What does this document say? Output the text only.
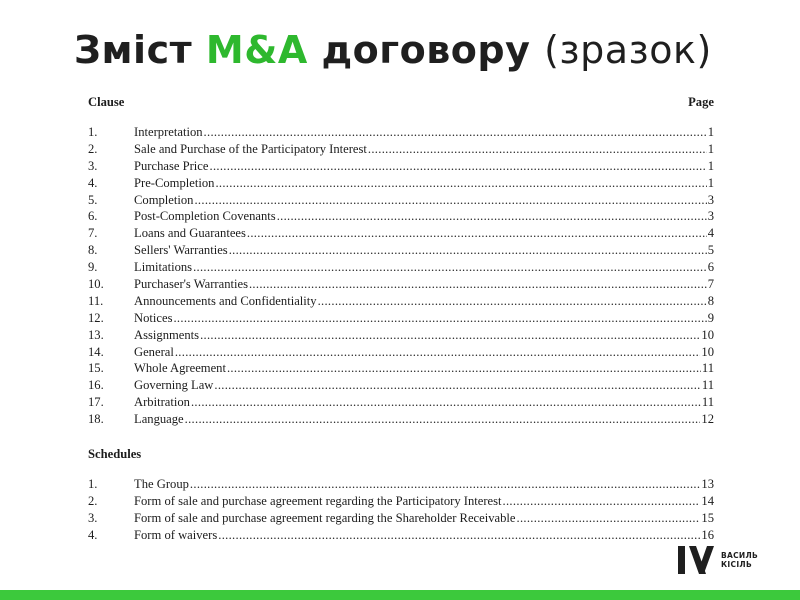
Зміст M&A договору (зразок)
Clause	Page
1.	Interpretation .....	1
2.	Sale and Purchase of the Participatory Interest .....	1
3.	Purchase Price .....	1
4.	Pre-Completion .....	1
5.	Completion .....	3
6.	Post-Completion Covenants .....	3
7.	Loans and Guarantees .....	4
8.	Sellers' Warranties .....	5
9.	Limitations .....	6
10.	Purchaser's Warranties .....	7
11.	Announcements and Confidentiality .....	8
12.	Notices .....	9
13.	Assignments .....	10
14.	General .....	10
15.	Whole Agreement .....	11
16.	Governing Law .....	11
17.	Arbitration .....	11
18.	Language .....	12
Schedules
1.	The Group .....	13
2.	Form of sale and purchase agreement regarding the Participatory Interest .....	14
3.	Form of sale and purchase agreement regarding the Shareholder Receivable .....	15
4.	Form of waivers .....	16
ВАСИЛЬ
КІСІЛЬ
